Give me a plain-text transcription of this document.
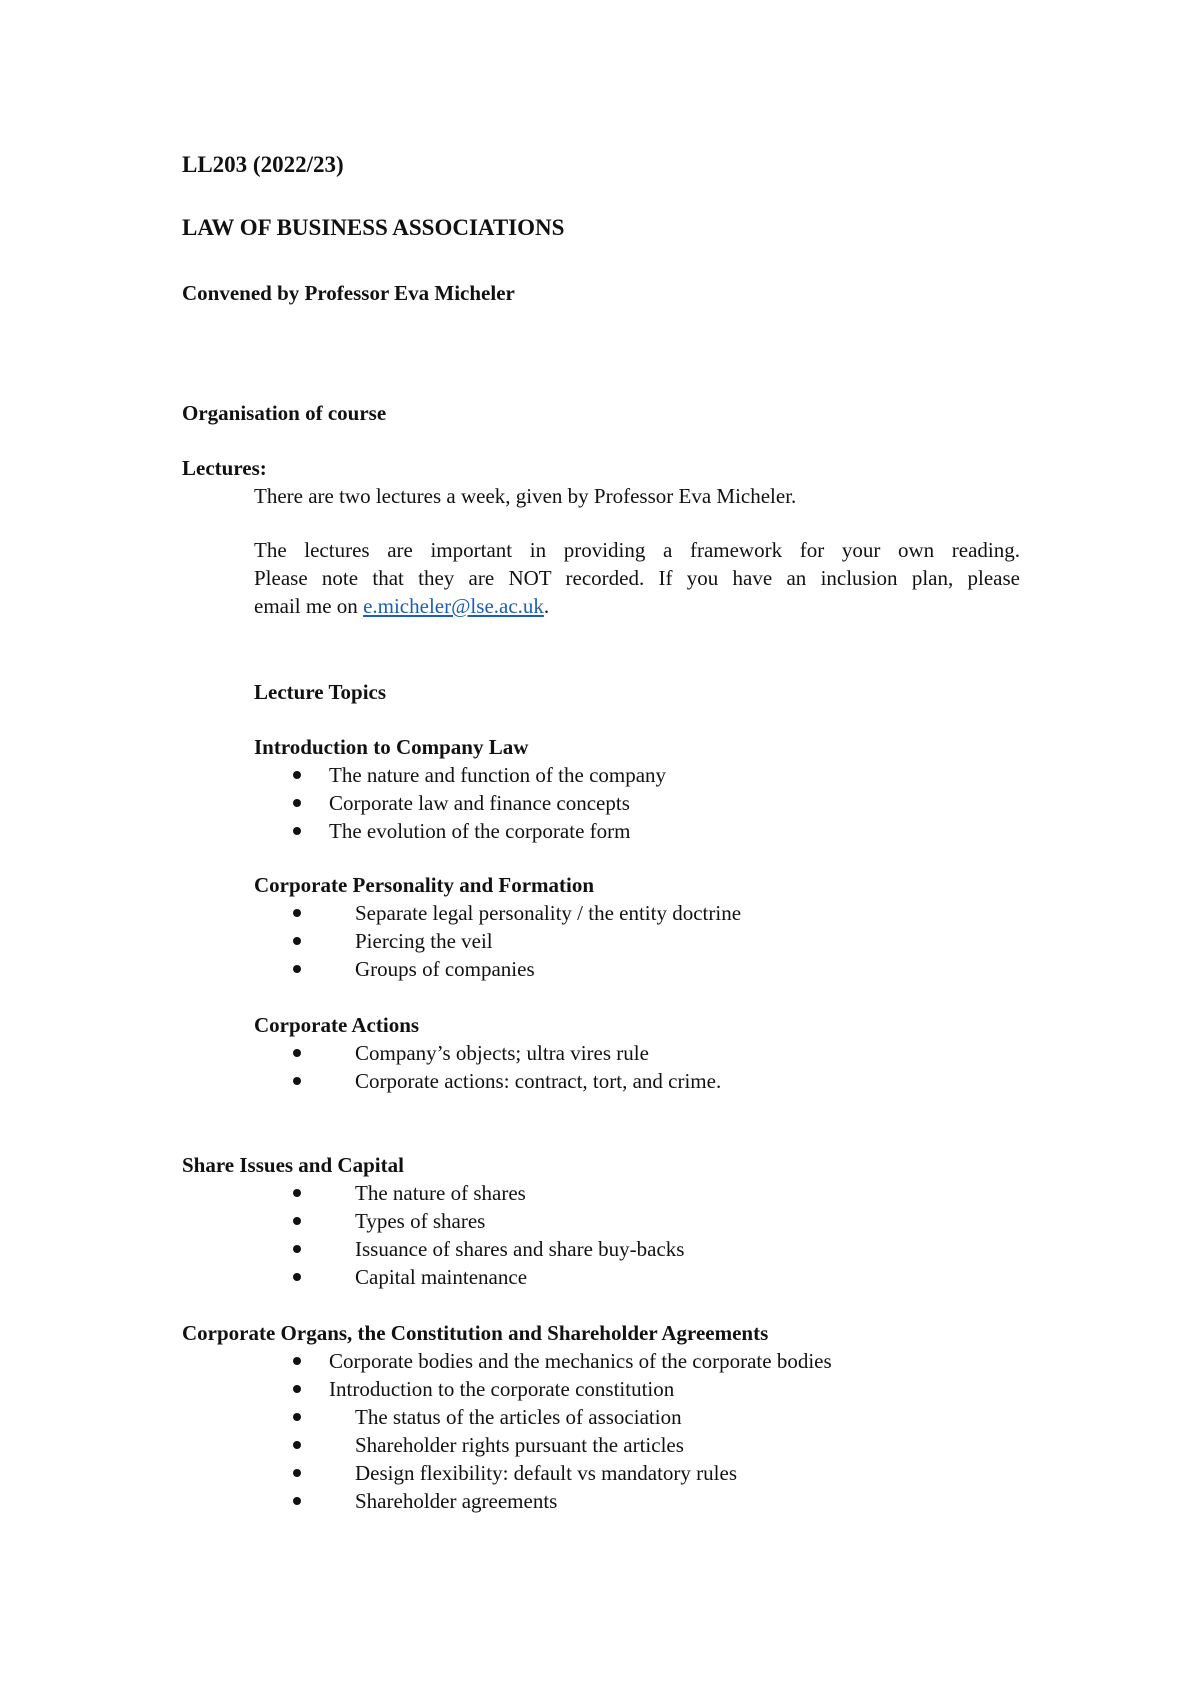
LL203 (2022/23)
LAW OF BUSINESS ASSOCIATIONS
Convened by Professor Eva Micheler
Organisation of course
Lectures:
There are two lectures a week, given by Professor Eva Micheler.
The lectures are important in providing a framework for your own reading.
Please note that they are NOT recorded. If you have an inclusion plan, please
email me on e.micheler@lse.ac.uk.
Lecture Topics
Introduction to Company Law
The nature and function of the company
Corporate law and finance concepts
The evolution of the corporate form
Corporate Personality and Formation
Separate legal personality / the entity doctrine
Piercing the veil
Groups of companies
Corporate Actions
Company’s objects; ultra vires rule
Corporate actions: contract, tort, and crime.
Share Issues and Capital
The nature of shares
Types of shares
Issuance of shares and share buy-backs
Capital maintenance
Corporate Organs, the Constitution and Shareholder Agreements
Corporate bodies and the mechanics of the corporate bodies
Introduction to the corporate constitution
The status of the articles of association
Shareholder rights pursuant the articles
Design flexibility: default vs mandatory rules
Shareholder agreements
